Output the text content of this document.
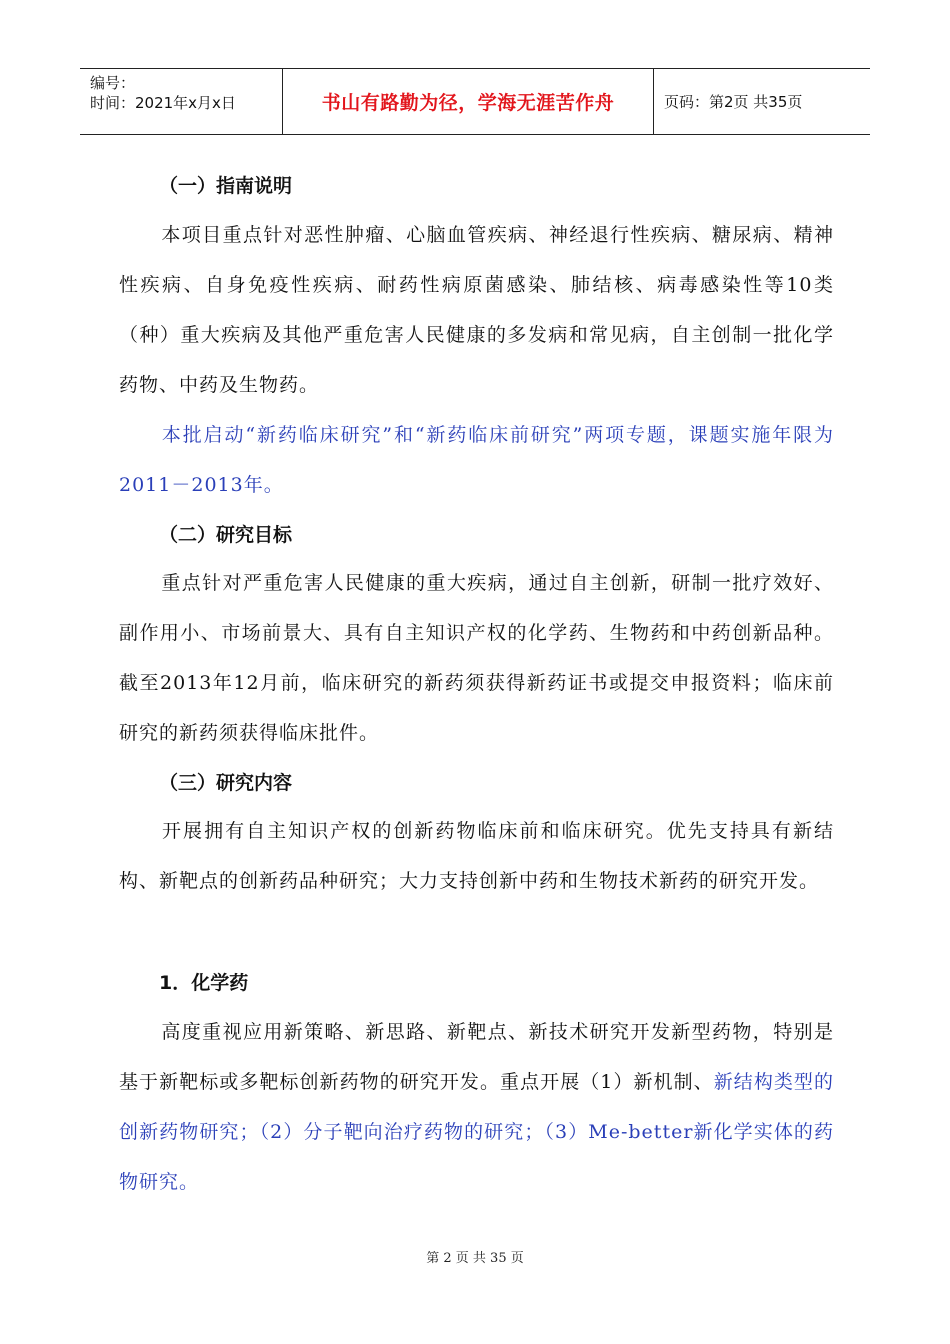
编号：
时间：2021年x月x日	书山有路勤为径，学海无涯苦作舟	页码：第2页 共35页
（一）指南说明

本项目重点针对恶性肿瘤、心脑血管疾病、神经退行性疾病、糖尿病、精神性疾病、自身免疫性疾病、耐药性病原菌感染、肺结核、病毒感染性等10类（种）重大疾病及其他严重危害人民健康的多发病和常见病，自主创制一批化学药物、中药及生物药。

本批启动“新药临床研究”和“新药临床前研究”两项专题，课题实施年限为2011－2013年。

（二）研究目标

重点针对严重危害人民健康的重大疾病，通过自主创新，研制一批疗效好、副作用小、市场前景大、具有自主知识产权的化学药、生物药和中药创新品种。截至2013年12月前，临床研究的新药须获得新药证书或提交申报资料；临床前研究的新药须获得临床批件。

（三）研究内容

开展拥有自主知识产权的创新药物临床前和临床研究。优先支持具有新结构、新靶点的创新药品种研究；大力支持创新中药和生物技术新药的研究开发。

1．化学药

高度重视应用新策略、新思路、新靶点、新技术研究开发新型药物，特别是基于新靶标或多靶标创新药物的研究开发。重点开展（1）新机制、新结构类型的创新药物研究；（2）分子靶向治疗药物的研究；（3）Me-better新化学实体的药物研究。

第 2 页 共 35 页
